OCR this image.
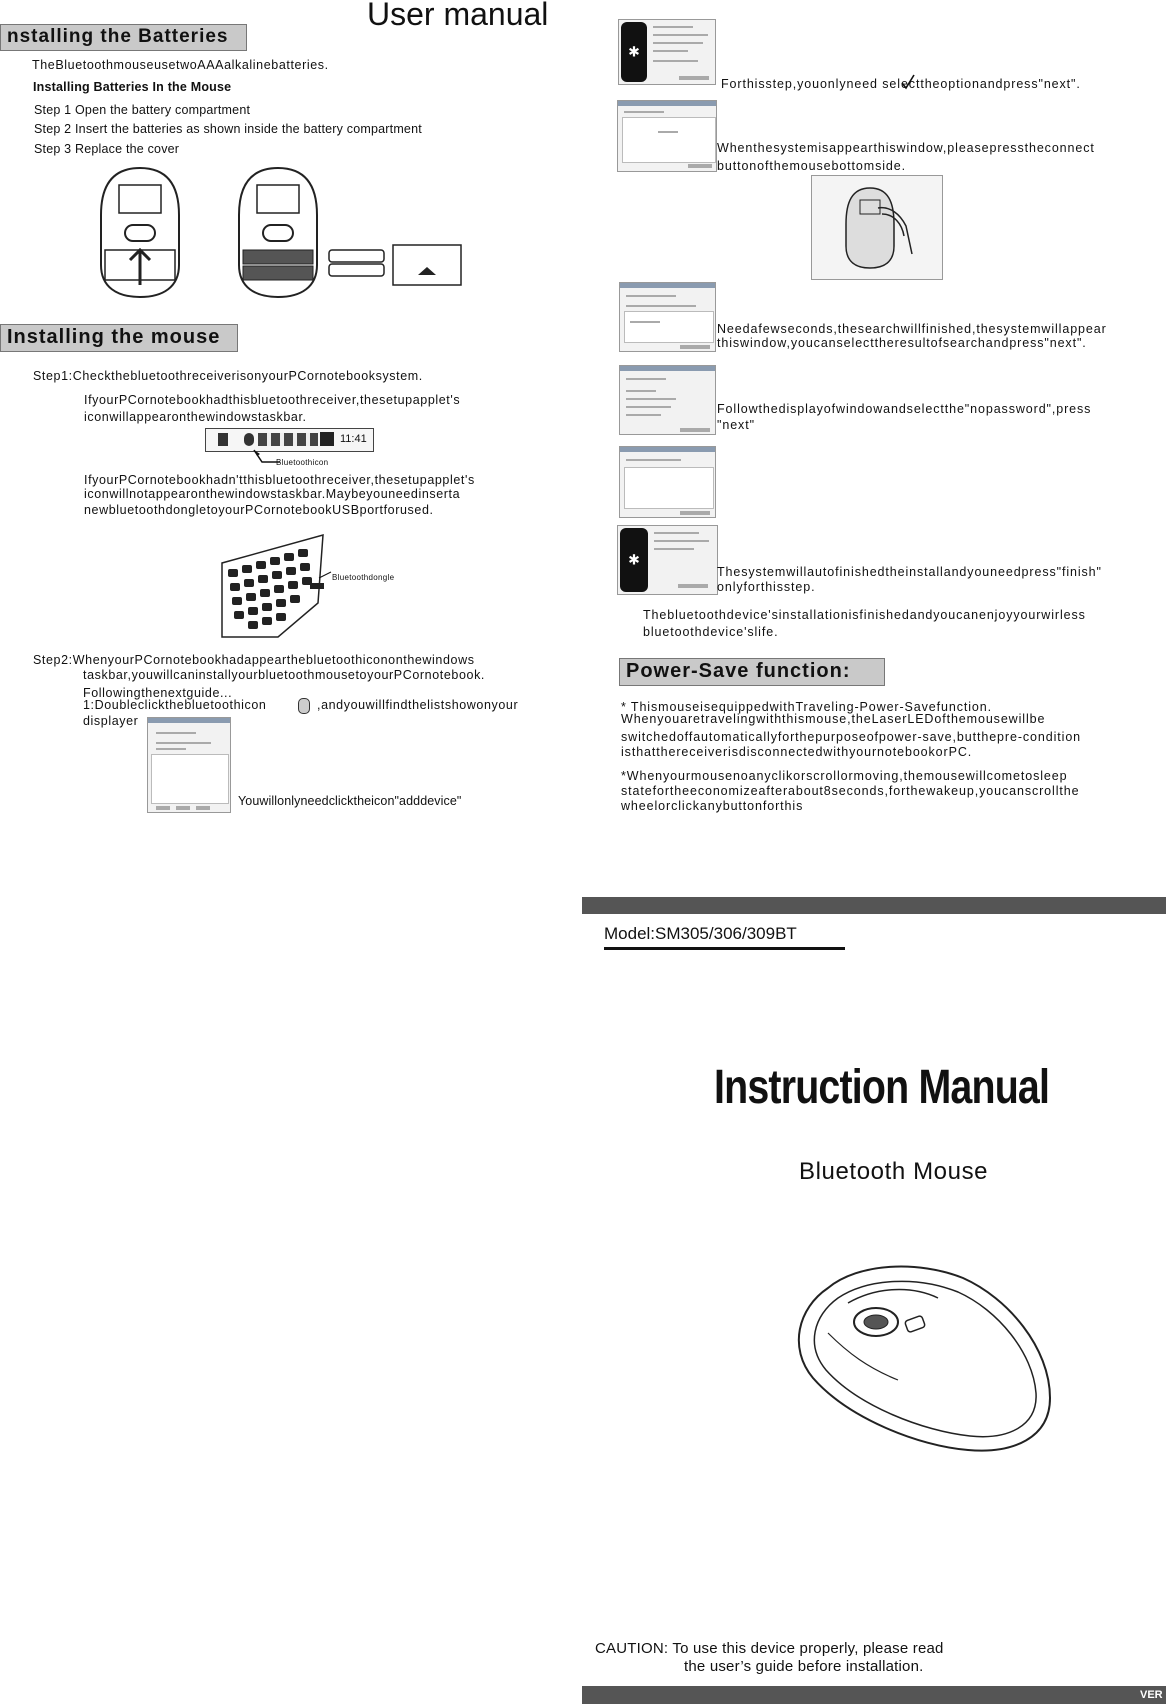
User manual
nstalling the Batteries
TheBluetoothmouseusetwoAAAalkalinebatteries.
Installing Batteries In the Mouse
Step 1 Open the battery compartment
Step 2 Insert the batteries as shown inside the battery compartment
Step 3 Replace the cover
Installing the mouse
Step1:CheckthebluetoothreceiverisonyourPCornotebooksystem.
IfyourPCornotebookhadthisbluetoothreceiver,thesetupapplet's
iconwillappearonthewindowstaskbar.
11:41
Bluetoothicon
IfyourPCornotebookhadn'tthisbluetoothreceiver,thesetupapplet's
iconwillnotappearonthewindowstaskbar.Maybeyouneedinserta
newbluetoothdongletoyourPCornotebookUSBportforused.
Bluetoothdongle
Step2:WhenyourPCornotebookhadappearthebluetoothicononthewindows
taskbar,youwillcaninstallyourbluetoothmousetoyourPCornotebook.
Followingthenextguide...
1:Doubleclickthebluetoothicon	,andyouwillfindthelistshowonyour
displayer
Youwillonlyneedclicktheicon"adddevice"
✱
Forthisstep,youonlyneed selecttheoptionandpress"next".
Whenthesystemisappearthiswindow,pleasepresstheconnect
buttonofthemousebottomside.
Needafewseconds,thesearchwillfinished,thesystemwillappear
thiswindow,youcanselecttheresultofsearchandpress"next".
Followthedisplayofwindowandselectthe"nopassword",press
"next"
✱
Thesystemwillautofinishedtheinstallandyouneedpress"finish"
onlyforthisstep.
Thebluetoothdevice'sinstallationisfinishedandyoucanenjoyyourwirless
bluetoothdevice'slife.
Power-Save function:
* ThismouseisequippedwithTraveling-Power-Savefunction.
Whenyouaretravelingwiththismouse,theLaserLEDofthemousewillbe
switchedoffautomaticallyforthepurposeofpower-save,butthepre-condition
isthatthereceiverisdisconnectedwithyournotebookorPC.
*Whenyourmousenoanyclikorscrollormoving,themousewillcometosleep
statefortheeconomizeafterabout8seconds,forthewakeup,youcanscrollthe
wheelorclickanybuttonforthis
Model:SM305/306/309BT
Instruction Manual
Bluetooth Mouse
CAUTION: To use this device properly, please read
the user’s guide before installation.
VER
